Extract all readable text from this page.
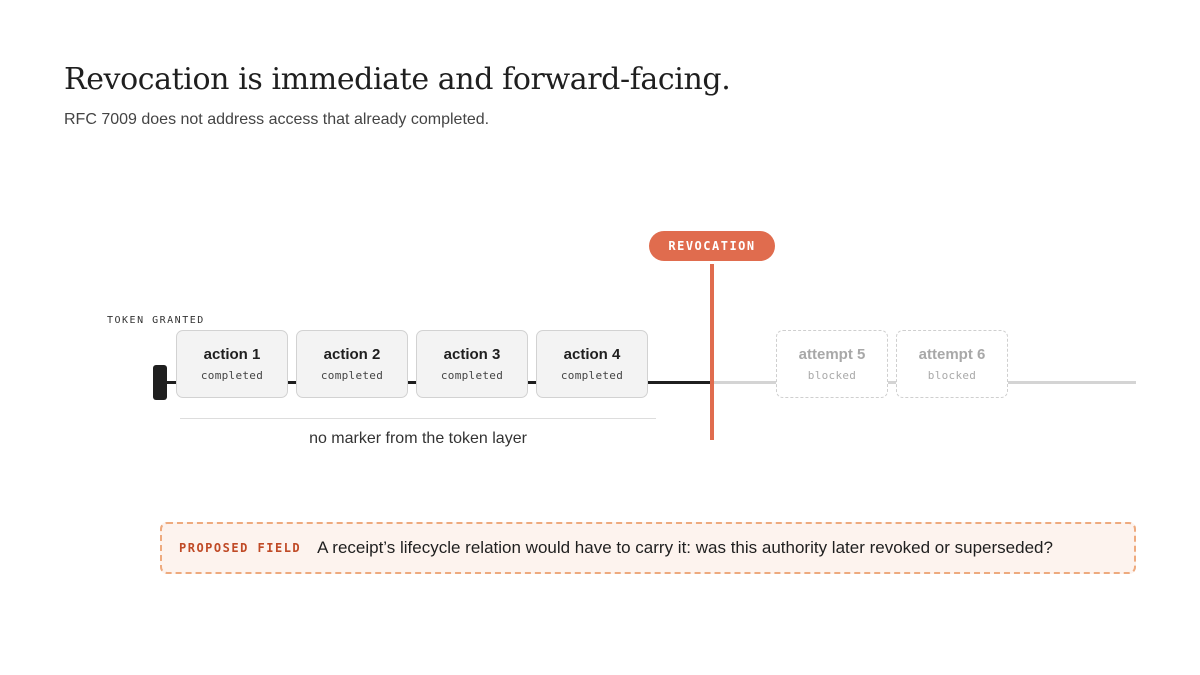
Revocation is immediate and forward-facing.

RFC 7009 does not address access that already completed.

TOKEN GRANTED
REVOCATION
action 1
completed
action 2
completed
action 3
completed
action 4
completed
attempt 5
blocked
attempt 6
blocked
no marker from the token layer
PROPOSED FIELD A receipt’s lifecycle relation would have to carry it: was this authority later revoked or superseded?
